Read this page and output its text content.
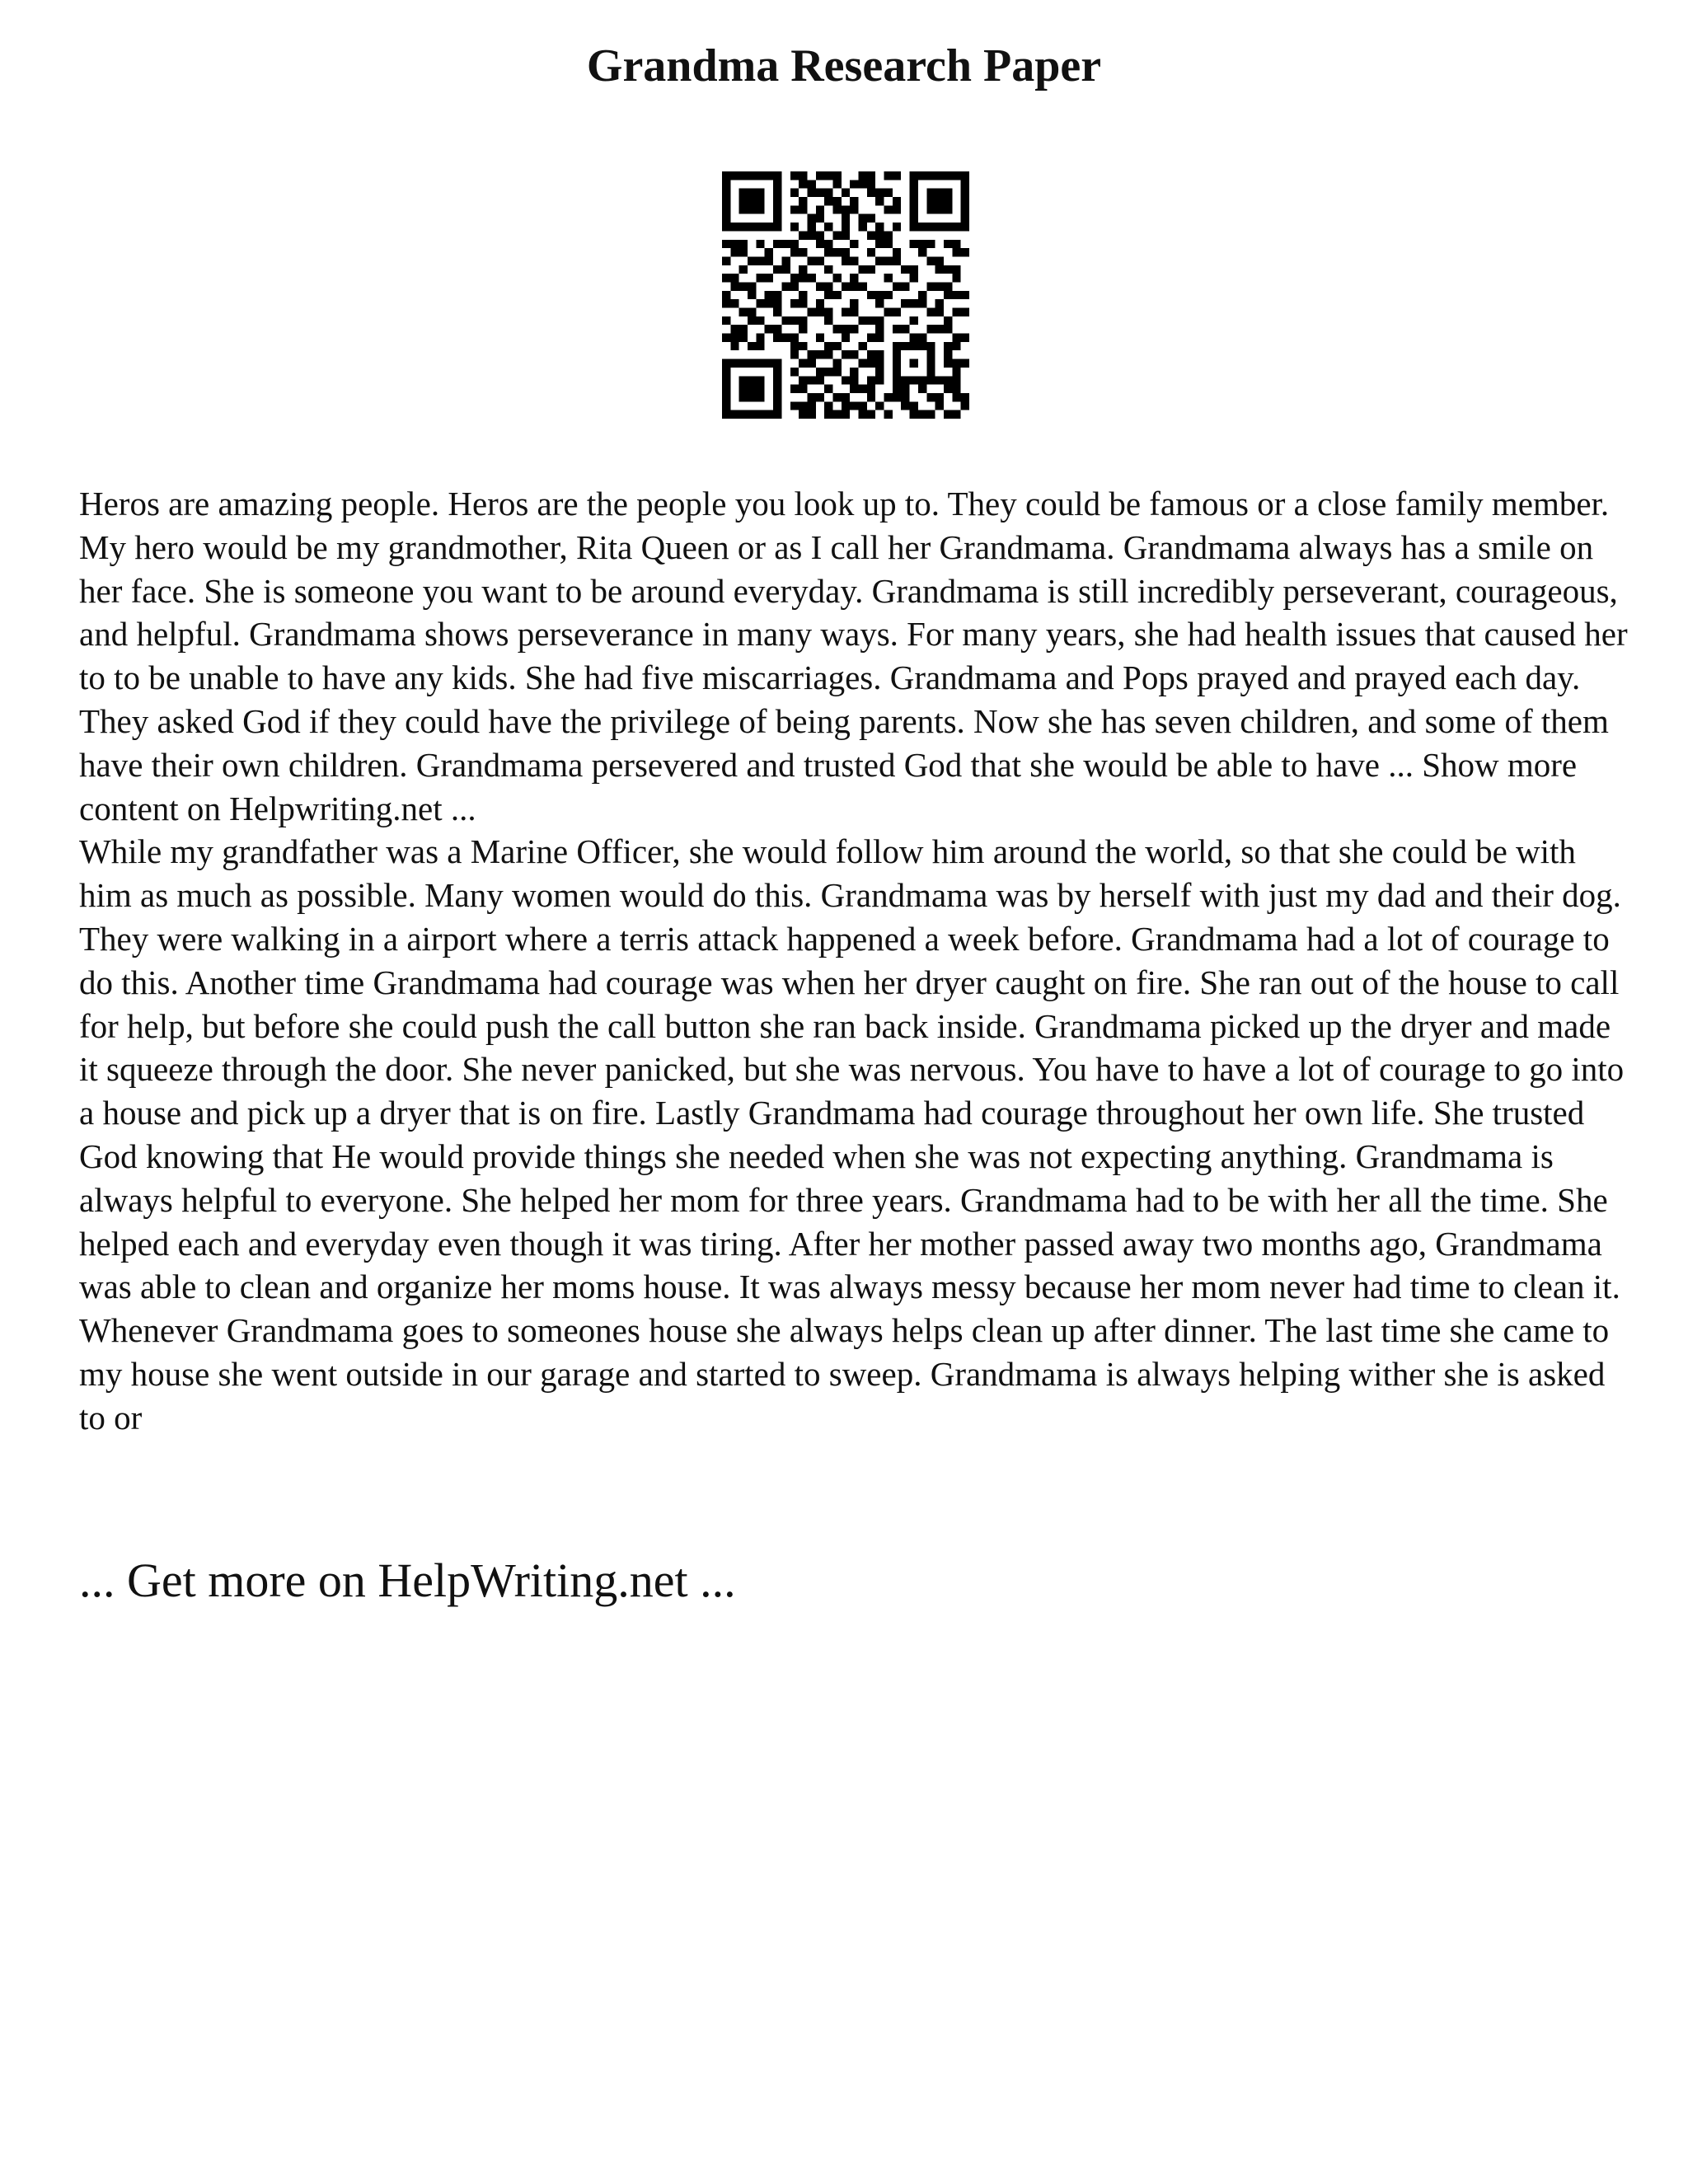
Grandma Research Paper

Heros are amazing people. Heros are the people you look up to. They could be famous or a close family member. My hero would be my grandmother, Rita Queen or as I call her Grandmama. Grandmama always has a smile on her face. She is someone you want to be around everyday. Grandmama is still incredibly perseverant, courageous, and helpful. Grandmama shows perseverance in many ways. For many years, she had health issues that caused her to to be unable to have any kids. She had five miscarriages. Grandmama and Pops prayed and prayed each day. They asked God if they could have the privilege of being parents. Now she has seven children, and some of them have their own children. Grandmama persevered and trusted God that she would be able to have ... Show more content on Helpwriting.net ...

While my grandfather was a Marine Officer, she would follow him around the world, so that she could be with him as much as possible. Many women would do this. Grandmama was by herself with just my dad and their dog. They were walking in a airport where a terris attack happened a week before. Grandmama had a lot of courage to do this. Another time Grandmama had courage was when her dryer caught on fire. She ran out of the house to call for help, but before she could push the call button she ran back inside. Grandmama picked up the dryer and made it squeeze through the door. She never panicked, but she was nervous. You have to have a lot of courage to go into a house and pick up a dryer that is on fire. Lastly Grandmama had courage throughout her own life. She trusted God knowing that He would provide things she needed when she was not expecting anything. Grandmama is always helpful to everyone. She helped her mom for three years. Grandmama had to be with her all the time. She helped each and everyday even though it was tiring. After her mother passed away two months ago, Grandmama was able to clean and organize her moms house. It was always messy because her mom never had time to clean it. Whenever Grandmama goes to someones house she always helps clean up after dinner. The last time she came to my house she went outside in our garage and started to sweep. Grandmama is always helping wither she is asked to or

... Get more on HelpWriting.net ...
